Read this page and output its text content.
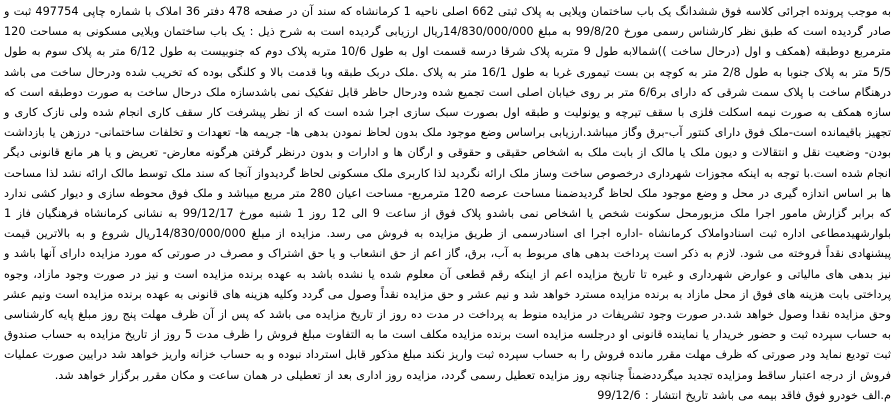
به موجب پرونده اجرائی کلاسه فوق ششدانگ یک باب ساختمان ویلایی به پلاک ثبتی 662 اصلی ناحیه 1 کرمانشاه که سند آن در صفحه 478 دفتر 36 املاک با شماره چاپی 497754 ثبت و صادر گردیده است که طبق نظر کارشناس رسمی مورخ 99/8/20 به مبلغ 14/830/000/000ریال ارزیابی گردیده است به شرح ذیل : یک باب ساختمان ویلایی مسکونی به مساحت 120 مترمربع دوطبقه (همکف و اول (درحال ساخت ))شمالابه طول 9 متربه پلاک شرقا درسه قسمت اول به طول 10/6 متربه پلاک دوم که جنوبیست به طول 6/12 متر به پلاک سوم به طول 5/5 متر به پلاک جنوبا به طول 2/8 متر به کوچه بن بست تیموری غربا به طول 16/1 متر به پلاک .ملک دربک طبقه وبا قدمت بالا و کلنگی بوده که تخریب شده ودرحال ساخت می باشد درهنگام ساخت با پلاک سمت شرقی که دارای بر6/6 متر بر روی خیابان اصلی است تجمیع شده ودرحال حاظر قابل تفکیک نمی باشدسازه ملک درحال ساخت به صورت دوطبقه است که سازه همکف به صورت نیمه اسکلت فلزی با سقف تیرچه و یونولیت و طبقه اول بصورت سبک سازی اجرا شده است که از نظر پیشرفت کار سقف کاری انجام شده ولی نازک کاری و تجهیز باقیمانده است-ملک فوق دارای کنتور آب-برق وگاز میباشد.ارزیابی براساس وضع موجود ملک بدون لحاظ نمودن بدهی ها- جریمه ها- تعهدات و تخلفات ساختمانی- درزهن یا بازداشت بودن- وضعیت نقل و انتقالات و دیون ملک یا مالک از بابت ملک به اشخاص حقیقی و حقوقی و ارگان ها و ادارات و بدون درنظر گرفتن هرگونه معارض- تعریض و یا هر مانع قانونی دیگر انجام شده است.با توجه به اینکه مجوزات شهرداری درخصوص ساخت وساز ملک ارائه نگردید لذا کاربری ملک مسکونی لحاظ گردیدواز آنجا که سند ملک توسط مالک ارائه نشد لذا مساحت ها بر اساس اندازه گیری در محل و وضع موجود ملک لحاظ گردیدضمنا مساحت عرصه 120 مترمربع- مساحت اعیان 280 متر مربع میباشد و ملک فوق محوطه سازی و دیوار کشی ندارد که برابر گزارش مامور اجرا ملک مزبورمحل سکونت شخص یا اشخاص نمی باشدو پلاک فوق از ساعت 9 الی 12 روز 1 شنبه مورخ 99/12/17 به نشانی کرمانشاه فرهنگیان فاز 1 بلوارشهیدمطاعی اداره ثبت اسنادواملاک کرمانشاه -اداره اجرا ای اسنادرسمی از طریق مزایده به فروش می رسد. مزایده از مبلغ 14/830/000/000ریال شروع و به بالاترین قیمت پیشنهادی نقداً فروخته می شود. لازم به ذکر است پرداخت بدهی های مربوط به آب، برق، گاز اعم از حق انشعاب و یا حق اشتراک و مصرف در صورتی که مورد مزایده دارای آنها باشد و نیز بدهی های مالیاتی و عوارض شهرداری و غیره تا تاریخ مزایده اعم از اینکه رقم قطعی آن معلوم شده یا نشده باشد به عهده برنده مزایده است و نیز در صورت وجود مازاد، وجوه پرداختی بابت هزینه های فوق از محل مازاد به برنده مزایده مسترد خواهد شد و نیم عشر و حق مزایده نقداً وصول می گردد وکلیه هزینه های قانونی به عهده برنده مزایده است ونیم عشر وحق مزایده نقدا وصول خواهد شد.در صورت وجود تشریفات در مزایده منوط به پرداخت در مدت ده روز از تاریخ مزایده می باشد که پس از آن ظرف مهلت پنج روز مبلغ پایه کارشناسی به حساب سپرده ثبت و حضور خریدار یا نماینده قانونی او درجلسه مزایده است برنده مزایده مکلف است ما به التفاوت مبلغ فروش را ظرف مدت 5 روز از تاریخ مزایده به حساب صندوق ثبت تودیع نماید ودر صورتی که ظرف مهلت مقرر مانده فروش را به حساب سپرده ثبت واریز نکند مبلغ مذکور قابل استرداد نبوده و به حساب خزانه واریز خواهد شد درایین صورت عملیات فروش از درجه اعتبار ساقط ومزایده تجدید میگرددضمناً چنانچه روز مزایده تعطیل رسمی گردد، مزایده روز اداری بعد از تعطیلی در همان ساعت و مکان مقرر برگزار خواهد شد.

م.الف خودرو فوق فاقد بیمه می باشد تاریخ انتشار : 99/12/6
